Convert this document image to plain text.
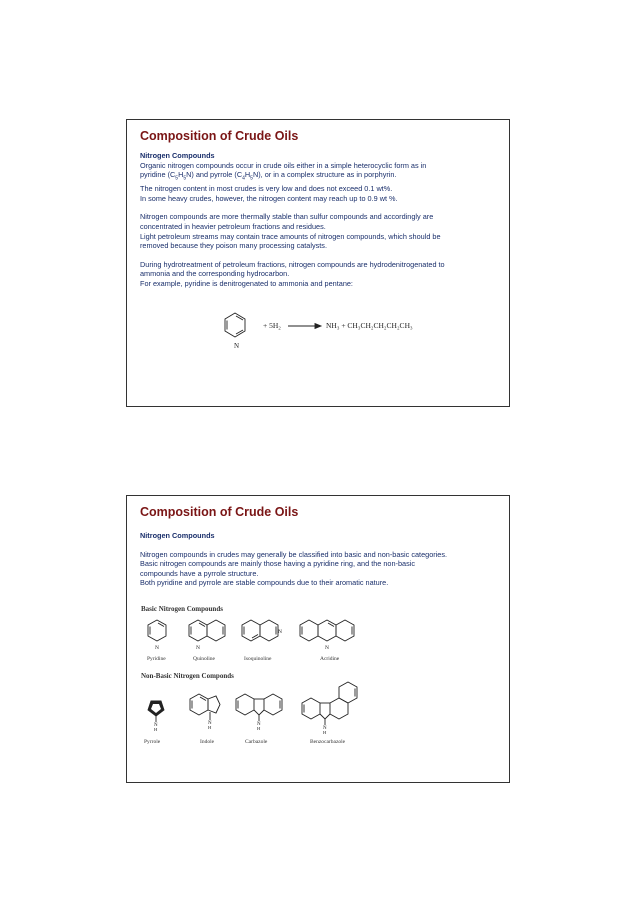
Composition of Crude Oils
Nitrogen Compounds
Organic nitrogen compounds occur in crude oils either in a simple heterocyclic form as in
pyridine $(C_5H_5N)$ and pyrrole $(C_4H_5N)$, or in a complex structure as in porphyrin.
The nitrogen content in most crudes is very low and does not exceed 0.1 wt%.
In some heavy crudes, however, the nitrogen content may reach up to 0.9 wt %.
Nitrogen compounds are more thermally stable than sulfur compounds and accordingly are
concentrated in heavier petroleum fractions and residues.
Light petroleum streams may contain trace amounts of nitrogen compounds, which should be
removed because they poison many processing catalysts.
During hydrotreatment of petroleum fractions, nitrogen compounds are hydrodenitrogenated to
ammonia and the corresponding hydrocarbon.
For example, pyridine is denitrogenated to ammonia and pentane:
N
+ 5H₂	NH₃ + CH₃CH₂CH₂CH₂CH₃
Composition of Crude Oils
Nitrogen Compounds
Nitrogen compounds in crudes may generally be classified into basic and non-basic categories.
Basic nitrogen compounds are mainly those having a pyridine ring, and the non-basic
compounds have a pyrrole structure.
Both pyridine and pyrrole are stable compounds due to their aromatic nature.
Basic Nitrogen Compounds
N	N
N
N
Pyridine	Quinoline	Isoquinoline	Acridine
Non-Basic Nitrogen Componds
N
H
N
H
N
H	N
H
Pyrrole	Indole	Carbazole	Benzocarbazole
